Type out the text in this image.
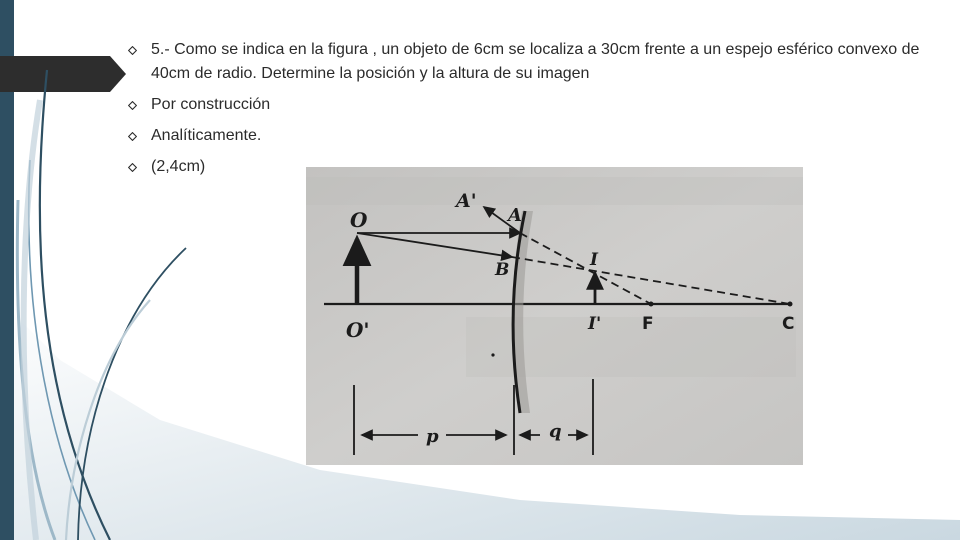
5.- Como se indica en la figura , un objeto de 6cm se localiza a 30cm frente a un espejo esférico convexo de 40cm de radio. Determine la posición y la altura de su imagen
Por construcción
Analíticamente.
(2,4cm)
A'
A
O
B	I
O'	I' F	C
p	q
